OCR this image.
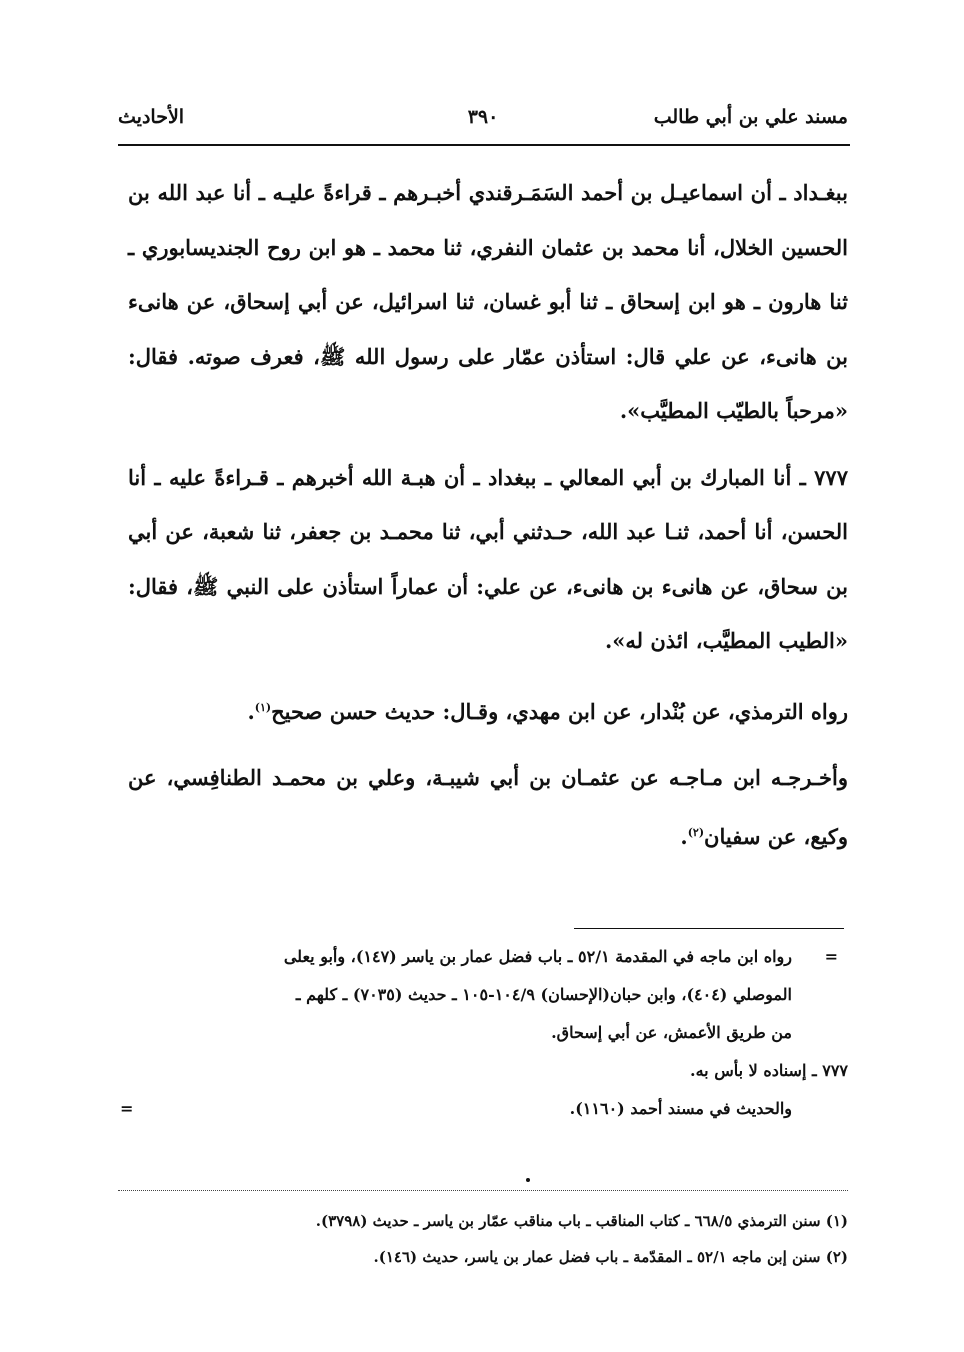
مسند علي بن أبي طالب
٣٩٠
الأحاديث

ببغـداد ـ أن اسماعيـل بن أحمد السَمَـرقندي أخبـرهم ـ قراءةً عليـه ـ أنا عبد الله بن الحسين الخلال، أنا محمد بن عثمان النفري، ثنا محمد ـ هو ابن روح الجنديسابوري ـ ثنا هارون ـ هو ابن إسحاق ـ ثنا أبو غسان، ثنا اسرائيل، عن أبي إسحاق، عن هانىء بن هانىء، عن علي قال: استأذن عمّار على رسول الله ﷺ، فعرف صوته. فقال: «مرحباً بالطيّب المطيَّب».

٧٧٧ ـ أنا المبارك بن أبي المعالي ـ ببغداد ـ أن هبـة الله أخبرهم ـ قـراءةً عليه ـ أنا الحسن، أنا أحمد، ثنـا عبد الله، حـدثني أبي، ثنا محمـد بن جعفر، ثنا شعبة، عن أبي بن سحاق، عن هانىء بن هانىء، عن علي: أن عماراً استأذن على النبي ﷺ، فقال: «الطيب المطيَّب، ائذن له».

رواه الترمذي، عن بُنْدار، عن ابن مهدي، وقـال: حديث حسن صحيح$^{(١)}$.

وأخـرجـه ابن مـاجـه عن عثمـان بن أبي شيبـة، وعلي بن محمـد الطنافِسي، عن وكيع، عن سفيان$^{(٢)}$.

=
رواه ابن ماجه في المقدمة ٥٢/١ ـ باب فضل عمار بن ياسر (١٤٧)، وأبو يعلى
الموصلي (٤٠٤)، وابن حبان(الإحسان) ١٠٤/٩-١٠٥ ـ حديث (٧٠٣٥) ـ كلهم ـ
من طريق الأعمش، عن أبي إسحاق.
٧٧٧ ـ إسناده لا بأس به.
والحديث في مسند أحمد (١١٦٠).
=
(١) سنن الترمذي ٦٦٨/٥ ـ كتاب المناقب ـ باب مناقب عمّار بن ياسر ـ حديث (٣٧٩٨).
(٢) سنن إبن ماجه ٥٢/١ ـ المقدّمة ـ باب فضل عمار بن ياسر، حديث (١٤٦).
